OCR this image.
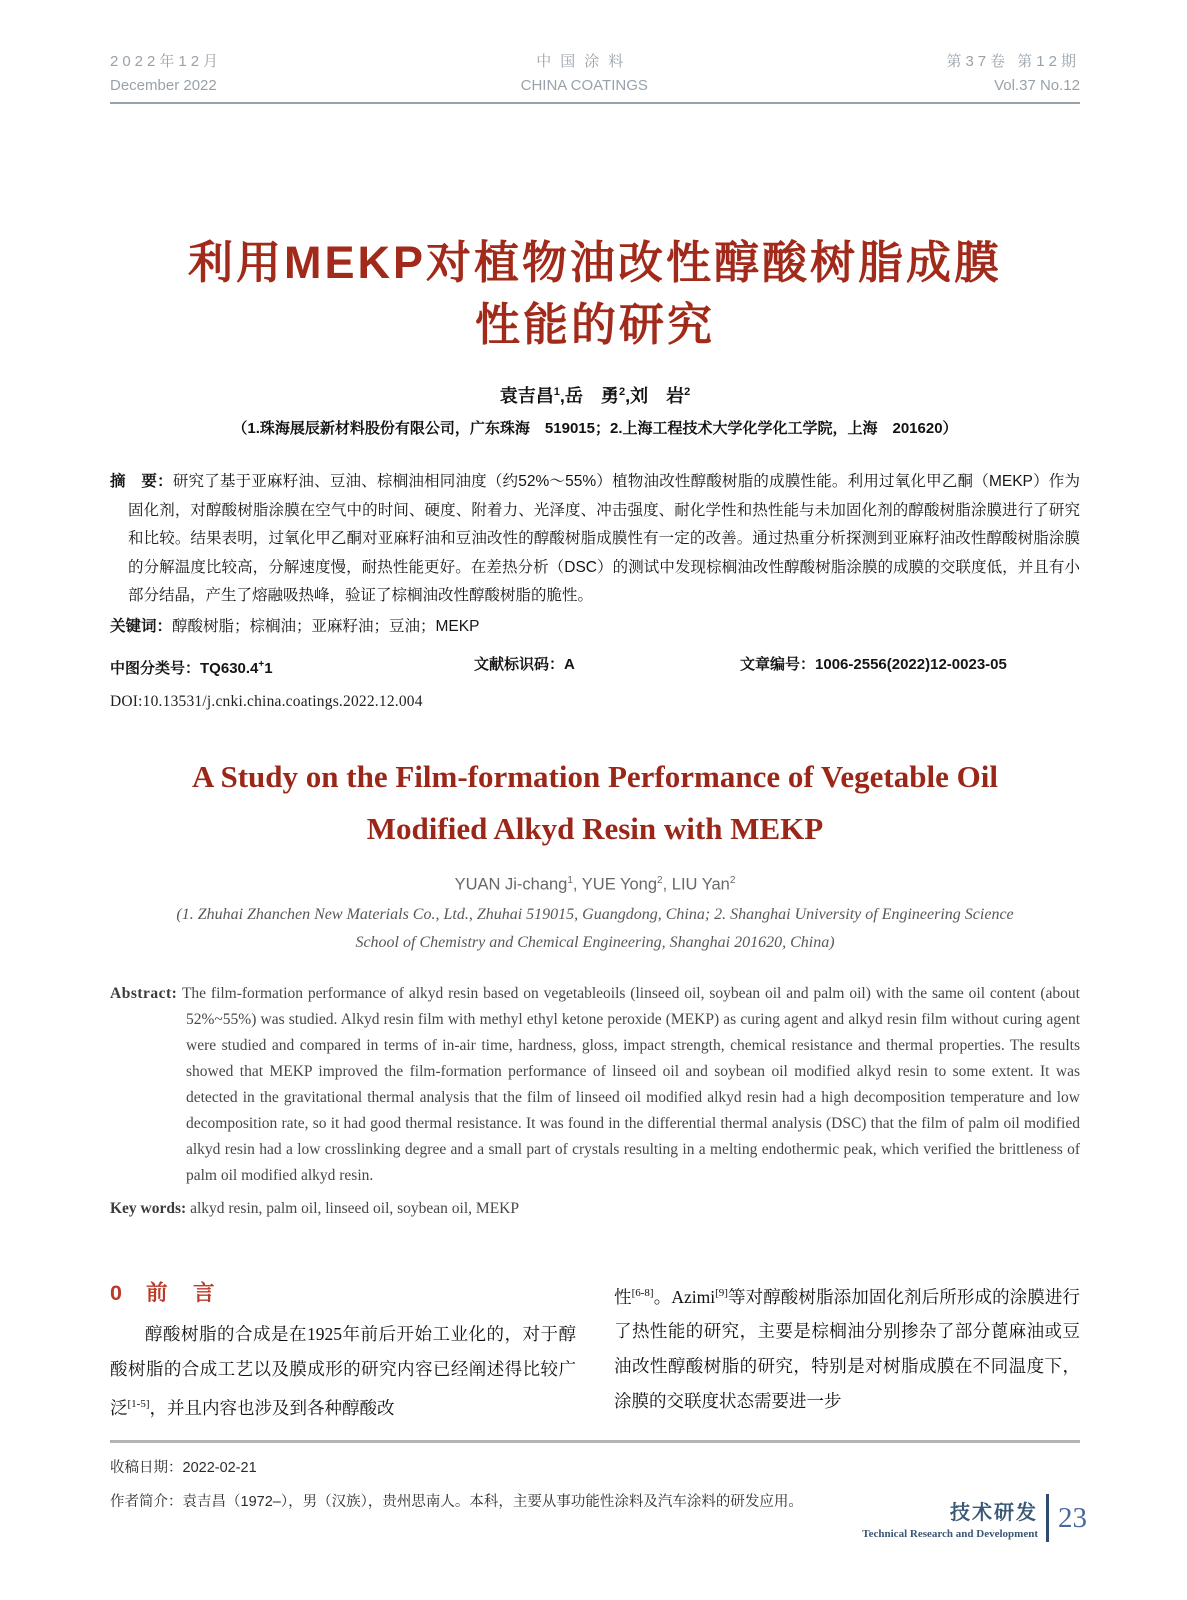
2022年12月
December 2022
中国涂料
CHINA COATINGS
第37卷 第12期
Vol.37 No.12
利用MEKP对植物油改性醇酸树脂成膜
性能的研究
袁吉昌$^1$,岳　勇$^2$,刘　岩$^2$
（1.珠海展辰新材料股份有限公司，广东珠海　519015；2.上海工程技术大学化学化工学院，上海　201620）

摘　要：研究了基于亚麻籽油、豆油、棕榈油相同油度（约52%～55%）植物油改性醇酸树脂的成膜性能。利用过氧化甲乙酮（MEKP）作为固化剂，对醇酸树脂涂膜在空气中的时间、硬度、附着力、光泽度、冲击强度、耐化学性和热性能与未加固化剂的醇酸树脂涂膜进行了研究和比较。结果表明，过氧化甲乙酮对亚麻籽油和豆油改性的醇酸树脂成膜性有一定的改善。通过热重分析探测到亚麻籽油改性醇酸树脂涂膜的分解温度比较高，分解速度慢，耐热性能更好。在差热分析（DSC）的测试中发现棕榈油改性醇酸树脂涂膜的成膜的交联度低，并且有小部分结晶，产生了熔融吸热峰，验证了棕榈油改性醇酸树脂的脆性。

关键词：醇酸树脂；棕榈油；亚麻籽油；豆油；MEKP

中图分类号：TQ630.4+1	文献标识码：A	文章编号：1006-2556(2022)12-0023-05
DOI:10.13531/j.cnki.china.coatings.2022.12.004
A Study on the Film-formation Performance of Vegetable Oil
Modified Alkyd Resin with MEKP
YUAN Ji-chang$^1$, YUE Yong$^2$, LIU Yan$^2$
(1. Zhuhai Zhanchen New Materials Co., Ltd., Zhuhai 519015, Guangdong, China; 2. Shanghai University of Engineering Science
School of Chemistry and Chemical Engineering, Shanghai 201620, China)

Abstract: The film-formation performance of alkyd resin based on vegetableoils (linseed oil, soybean oil and palm oil) with the same oil content (about 52%~55%) was studied. Alkyd resin film with methyl ethyl ketone peroxide (MEKP) as curing agent and alkyd resin film without curing agent were studied and compared in terms of in-air time, hardness, gloss, impact strength, chemical resistance and thermal properties. The results showed that MEKP improved the film-formation performance of linseed oil and soybean oil modified alkyd resin to some extent. It was detected in the gravitational thermal analysis that the film of linseed oil modified alkyd resin had a high decomposition temperature and low decomposition rate, so it had good thermal resistance. It was found in the differential thermal analysis (DSC) that the film of palm oil modified alkyd resin had a low crosslinking degree and a small part of crystals resulting in a melting endothermic peak, which verified the brittleness of palm oil modified alkyd resin.

Key words: alkyd resin, palm oil, linseed oil, soybean oil, MEKP

0 前　言

醇酸树脂的合成是在1925年前后开始工业化的，对于醇酸树脂的合成工艺以及膜成形的研究内容已经阐述得比较广泛[1-5]，并且内容也涉及到各种醇酸改

性[6-8]。Azimi[9]等对醇酸树脂添加固化剂后所形成的涂膜进行了热性能的研究，主要是棕榈油分别掺杂了部分蓖麻油或豆油改性醇酸树脂的研究，特别是对树脂成膜在不同温度下，涂膜的交联度状态需要进一步

收稿日期：2022-02-21
作者简介：袁吉昌（1972–），男（汉族），贵州思南人。本科，主要从事功能性涂料及汽车涂料的研发应用。
技术研发
Technical Research and Development
23
